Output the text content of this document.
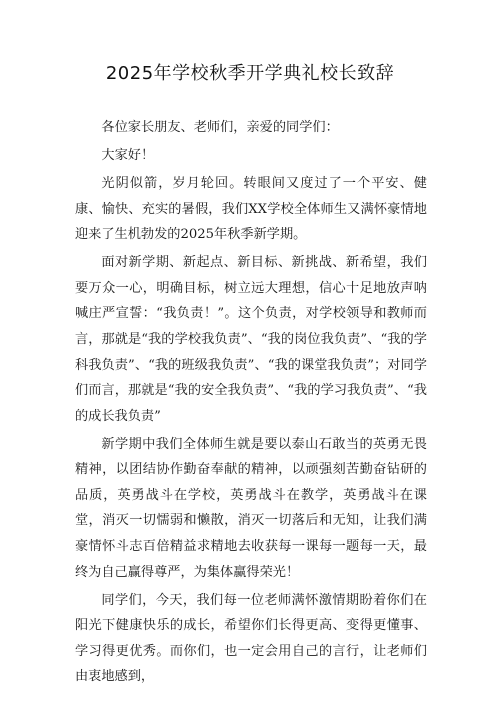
2025年学校秋季开学典礼校长致辞

各位家长朋友、老师们，亲爱的同学们：

大家好！

光阴似箭，岁月轮回。转眼间又度过了一个平安、健康、愉快、充实的暑假，我们XX学校全体师生又满怀豪情地迎来了生机勃发的2025年秋季新学期。

面对新学期、新起点、新目标、新挑战、新希望，我们要万众一心，明确目标，树立远大理想，信心十足地放声呐喊庄严宣誓：“我负责！”。这个负责，对学校领导和教师而言，那就是“我的学校我负责”、“我的岗位我负责”、“我的学科我负责”、“我的班级我负责”、“我的课堂我负责”；对同学们而言，那就是“我的安全我负责”、“我的学习我负责”、“我的成长我负责”

新学期中我们全体师生就是要以泰山石敢当的英勇无畏精神，以团结协作勤奋奉献的精神，以顽强刻苦勤奋钻研的品质，英勇战斗在学校，英勇战斗在教学，英勇战斗在课堂，消灭一切懦弱和懒散，消灭一切落后和无知，让我们满豪情怀斗志百倍精益求精地去收获每一课每一题每一天，最终为自己赢得尊严，为集体赢得荣光！

同学们，今天，我们每一位老师满怀激情期盼着你们在阳光下健康快乐的成长，希望你们长得更高、变得更懂事、学习得更优秀。而你们，也一定会用自己的言行，让老师们由衷地感到，
